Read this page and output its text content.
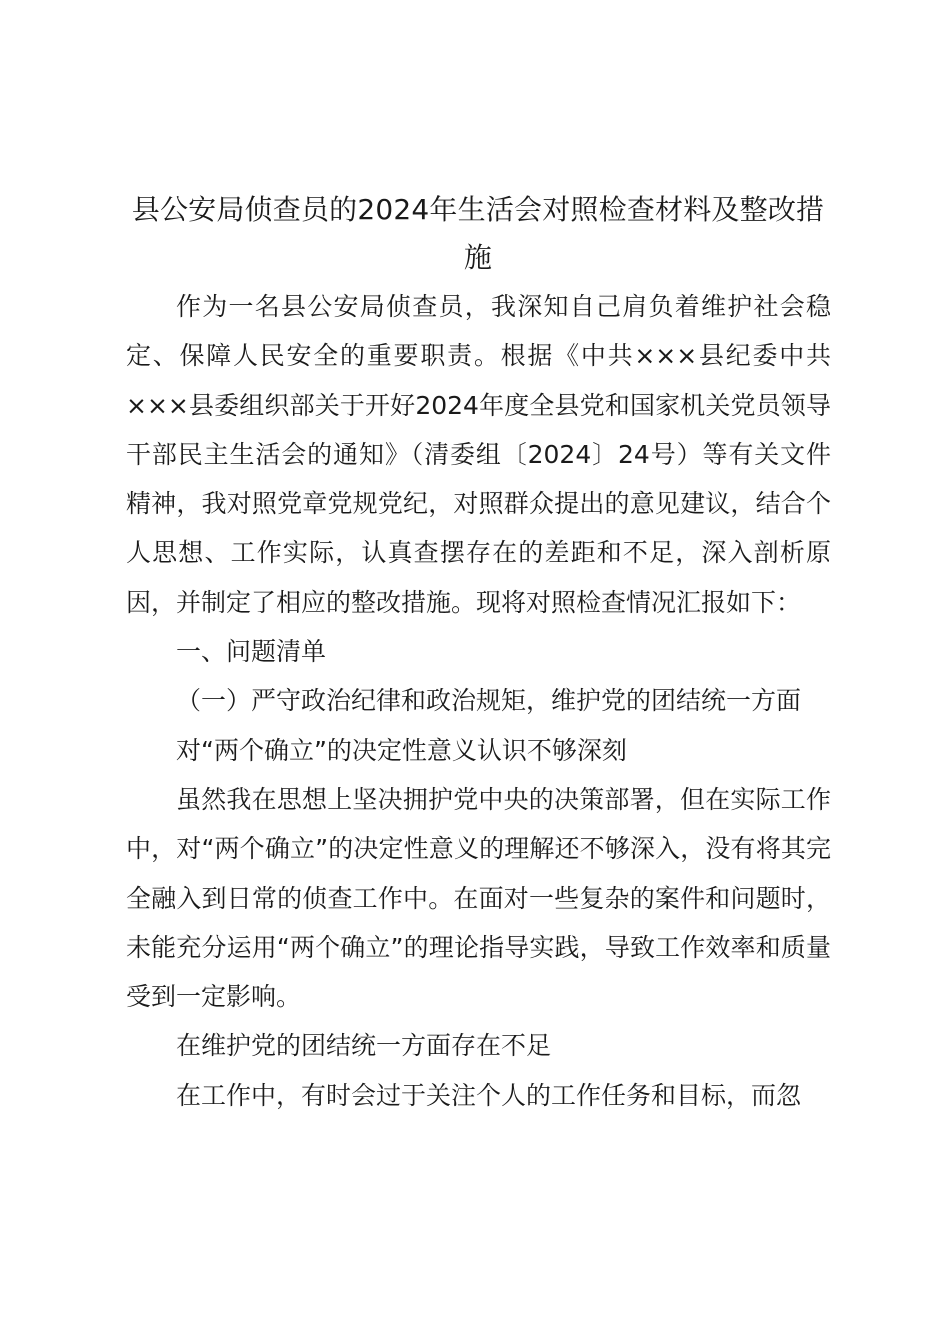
县公安局侦查员的2024年生活会对照检查材料及整改措施

作为一名县公安局侦查员，我深知自己肩负着维护社会稳定、保障人民安全的重要职责。根据《中共×××县纪委中共×××县委组织部关于开好2024年度全县党和国家机关党员领导干部民主生活会的通知》（清委组〔2024〕24号）等有关文件精神，我对照党章党规党纪，对照群众提出的意见建议，结合个人思想、工作实际，认真查摆存在的差距和不足，深入剖析原因，并制定了相应的整改措施。现将对照检查情况汇报如下：

一、问题清单

（一）严守政治纪律和政治规矩，维护党的团结统一方面

对“两个确立”的决定性意义认识不够深刻

虽然我在思想上坚决拥护党中央的决策部署，但在实际工作中，对“两个确立”的决定性意义的理解还不够深入，没有将其完全融入到日常的侦查工作中。在面对一些复杂的案件和问题时，未能充分运用“两个确立”的理论指导实践，导致工作效率和质量受到一定影响。

在维护党的团结统一方面存在不足

在工作中，有时会过于关注个人的工作任务和目标，而忽
